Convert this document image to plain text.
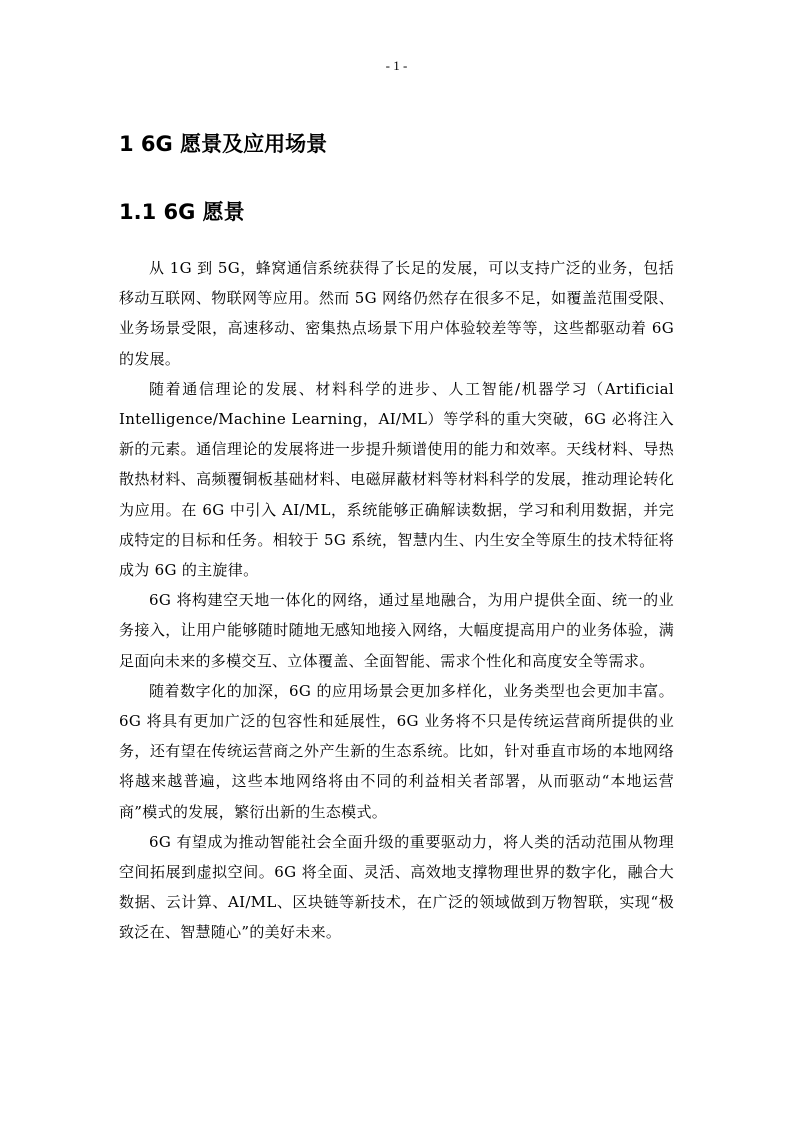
- 1 -
1 6G 愿景及应用场景
1.1 6G 愿景

从 1G 到 5G，蜂窝通信系统获得了长足的发展，可以支持广泛的业务，包括移动互联网、物联网等应用。然而 5G 网络仍然存在很多不足，如覆盖范围受限、业务场景受限，高速移动、密集热点场景下用户体验较差等等，这些都驱动着 6G 的发展。

随着通信理论的发展、材料科学的进步、人工智能/机器学习（Artificial Intelligence/Machine Learning，AI/ML）等学科的重大突破，6G 必将注入新的元素。通信理论的发展将进一步提升频谱使用的能力和效率。天线材料、导热散热材料、高频覆铜板基础材料、电磁屏蔽材料等材料科学的发展，推动理论转化为应用。在 6G 中引入 AI/ML，系统能够正确解读数据，学习和利用数据，并完成特定的目标和任务。相较于 5G 系统，智慧内生、内生安全等原生的技术特征将成为 6G 的主旋律。

6G 将构建空天地一体化的网络，通过星地融合，为用户提供全面、统一的业务接入，让用户能够随时随地无感知地接入网络，大幅度提高用户的业务体验，满足面向未来的多模交互、立体覆盖、全面智能、需求个性化和高度安全等需求。

随着数字化的加深，6G 的应用场景会更加多样化，业务类型也会更加丰富。6G 将具有更加广泛的包容性和延展性，6G 业务将不只是传统运营商所提供的业务，还有望在传统运营商之外产生新的生态系统。比如，针对垂直市场的本地网络将越来越普遍，这些本地网络将由不同的利益相关者部署，从而驱动“本地运营商”模式的发展，繁衍出新的生态模式。

6G 有望成为推动智能社会全面升级的重要驱动力，将人类的活动范围从物理空间拓展到虚拟空间。6G 将全面、灵活、高效地支撑物理世界的数字化，融合大数据、云计算、AI/ML、区块链等新技术，在广泛的领域做到万物智联，实现“极致泛在、智慧随心”的美好未来。
